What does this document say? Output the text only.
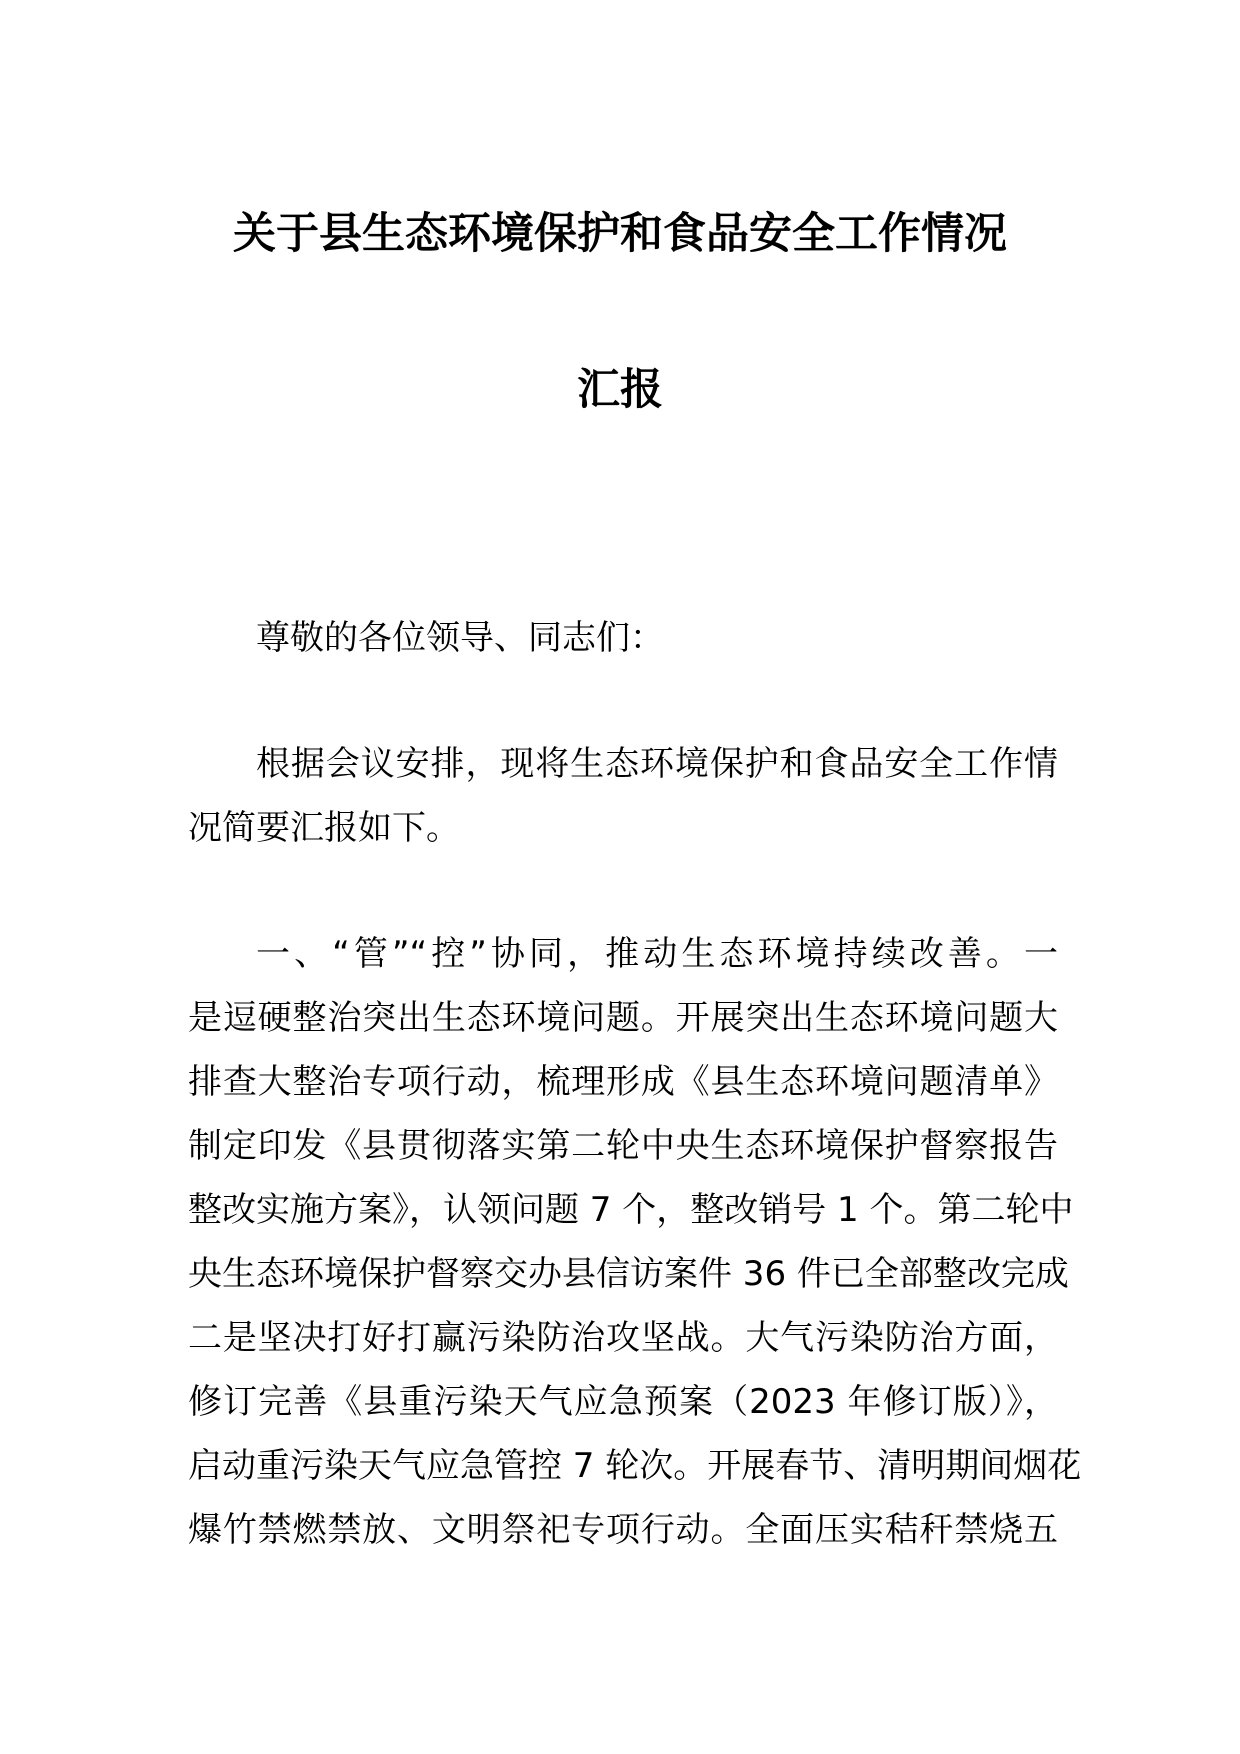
关于县生态环境保护和食品安全工作情况
汇报
尊敬的各位领导、同志们：
根据会议安排，现将生态环境保护和食品安全工作情
况简要汇报如下。
一、“管”“控”协同，推动生态环境持续改善。一
是逗硬整治突出生态环境问题。开展突出生态环境问题大
排查大整治专项行动，梳理形成《县生态环境问题清单》
制定印发《县贯彻落实第二轮中央生态环境保护督察报告
整改实施方案》，认领问题 7 个，整改销号 1 个。第二轮中
央生态环境保护督察交办县信访案件 36 件已全部整改完成
二是坚决打好打赢污染防治攻坚战。大气污染防治方面，
修订完善《县重污染天气应急预案（2023 年修订版）》，
启动重污染天气应急管控 7 轮次。开展春节、清明期间烟花
爆竹禁燃禁放、文明祭祀专项行动。全面压实秸秆禁烧五
